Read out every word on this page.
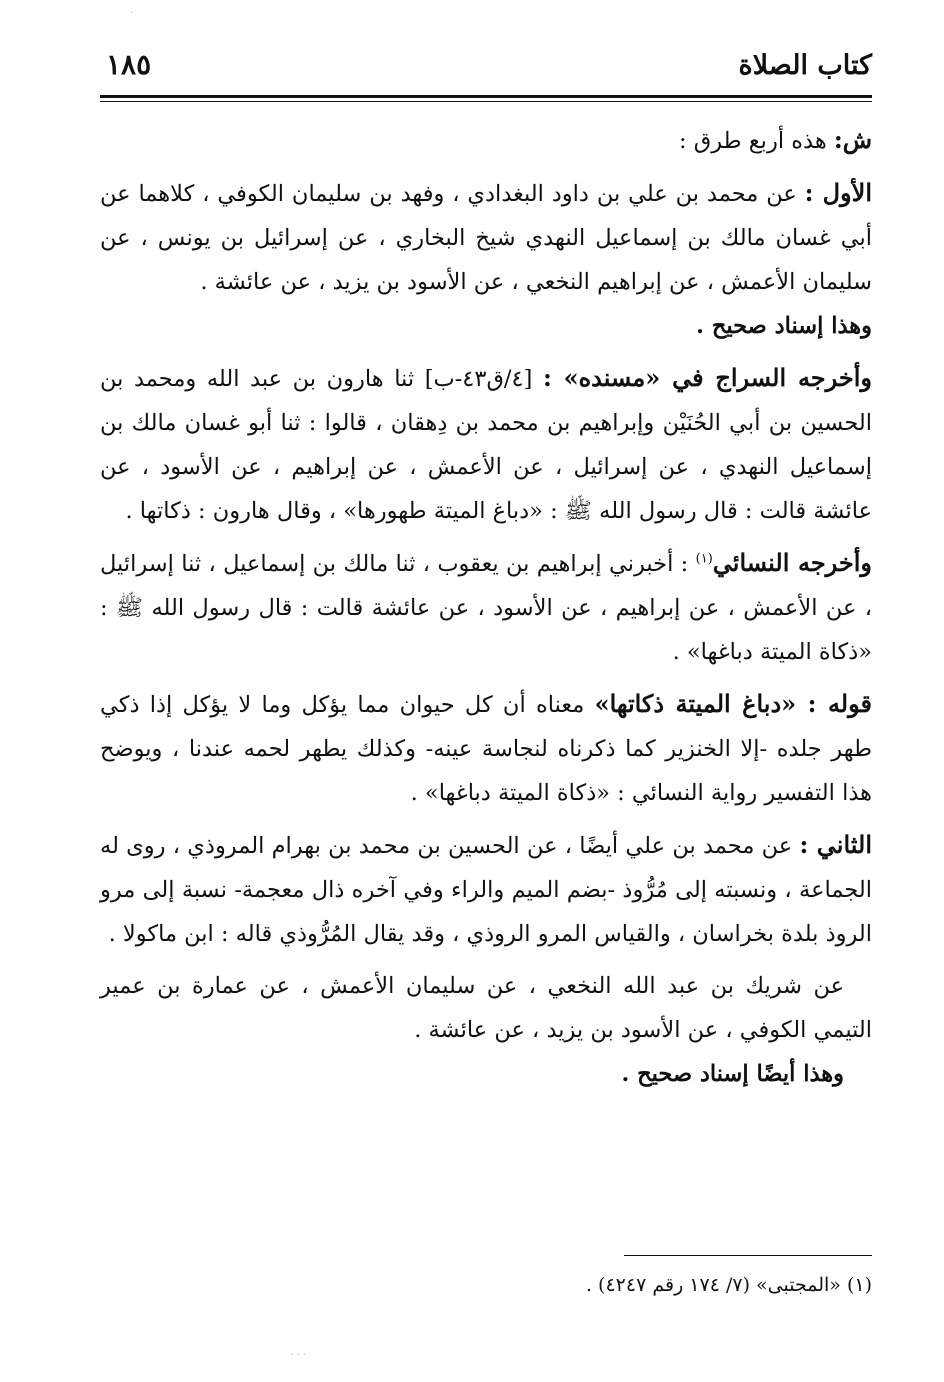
كتاب الصلاة
١٨٥

ش: هذه أربع طرق :

الأول : عن محمد بن علي بن داود البغدادي ، وفهد بن سليمان الكوفي ، كلاهما عن أبي غسان مالك بن إسماعيل النهدي شيخ البخاري ، عن إسرائيل بن يونس ، عن سليمان الأعمش ، عن إبراهيم النخعي ، عن الأسود بن يزيد ، عن عائشة .

وهذا إسناد صحيح .

وأخرجه السراج في «مسنده» : [٤/ق٤٣-ب] ثنا هارون بن عبد الله ومحمد بن الحسين بن أبي الحُنَيْن وإبراهيم بن محمد بن دِهقان ، قالوا : ثنا أبو غسان مالك بن إسماعيل النهدي ، عن إسرائيل ، عن الأعمش ، عن إبراهيم ، عن الأسود ، عن عائشة قالت : قال رسول الله ﷺ : «دباغ الميتة طهورها» ، وقال هارون : ذكاتها .

وأخرجه النسائي$^{(١)}$ : أخبرني إبراهيم بن يعقوب ، ثنا مالك بن إسماعيل ، ثنا إسرائيل ، عن الأعمش ، عن إبراهيم ، عن الأسود ، عن عائشة قالت : قال رسول الله ﷺ : «ذكاة الميتة دباغها» .

قوله : «دباغ الميتة ذكاتها» معناه أن كل حيوان مما يؤكل وما لا يؤكل إذا ذكي طهر جلده -إلا الخنزير كما ذكرناه لنجاسة عينه- وكذلك يطهر لحمه عندنا ، ويوضح هذا التفسير رواية النسائي : «ذكاة الميتة دباغها» .

الثاني : عن محمد بن علي أيضًا ، عن الحسين بن محمد بن بهرام المروذي ، روى له الجماعة ، ونسبته إلى مُرُّوذ -بضم الميم والراء وفي آخره ذال معجمة- نسبة إلى مرو الروذ بلدة بخراسان ، والقياس المرو الروذي ، وقد يقال المُرُّوذي قاله : ابن ماكولا .

عن شريك بن عبد الله النخعي ، عن سليمان الأعمش ، عن عمارة بن عمير التيمي الكوفي ، عن الأسود بن يزيد ، عن عائشة .

وهذا أيضًا إسناد صحيح .

(١) «المجتبى» (٧/ ١٧٤ رقم ٤٢٤٧) .
·
· · ·
